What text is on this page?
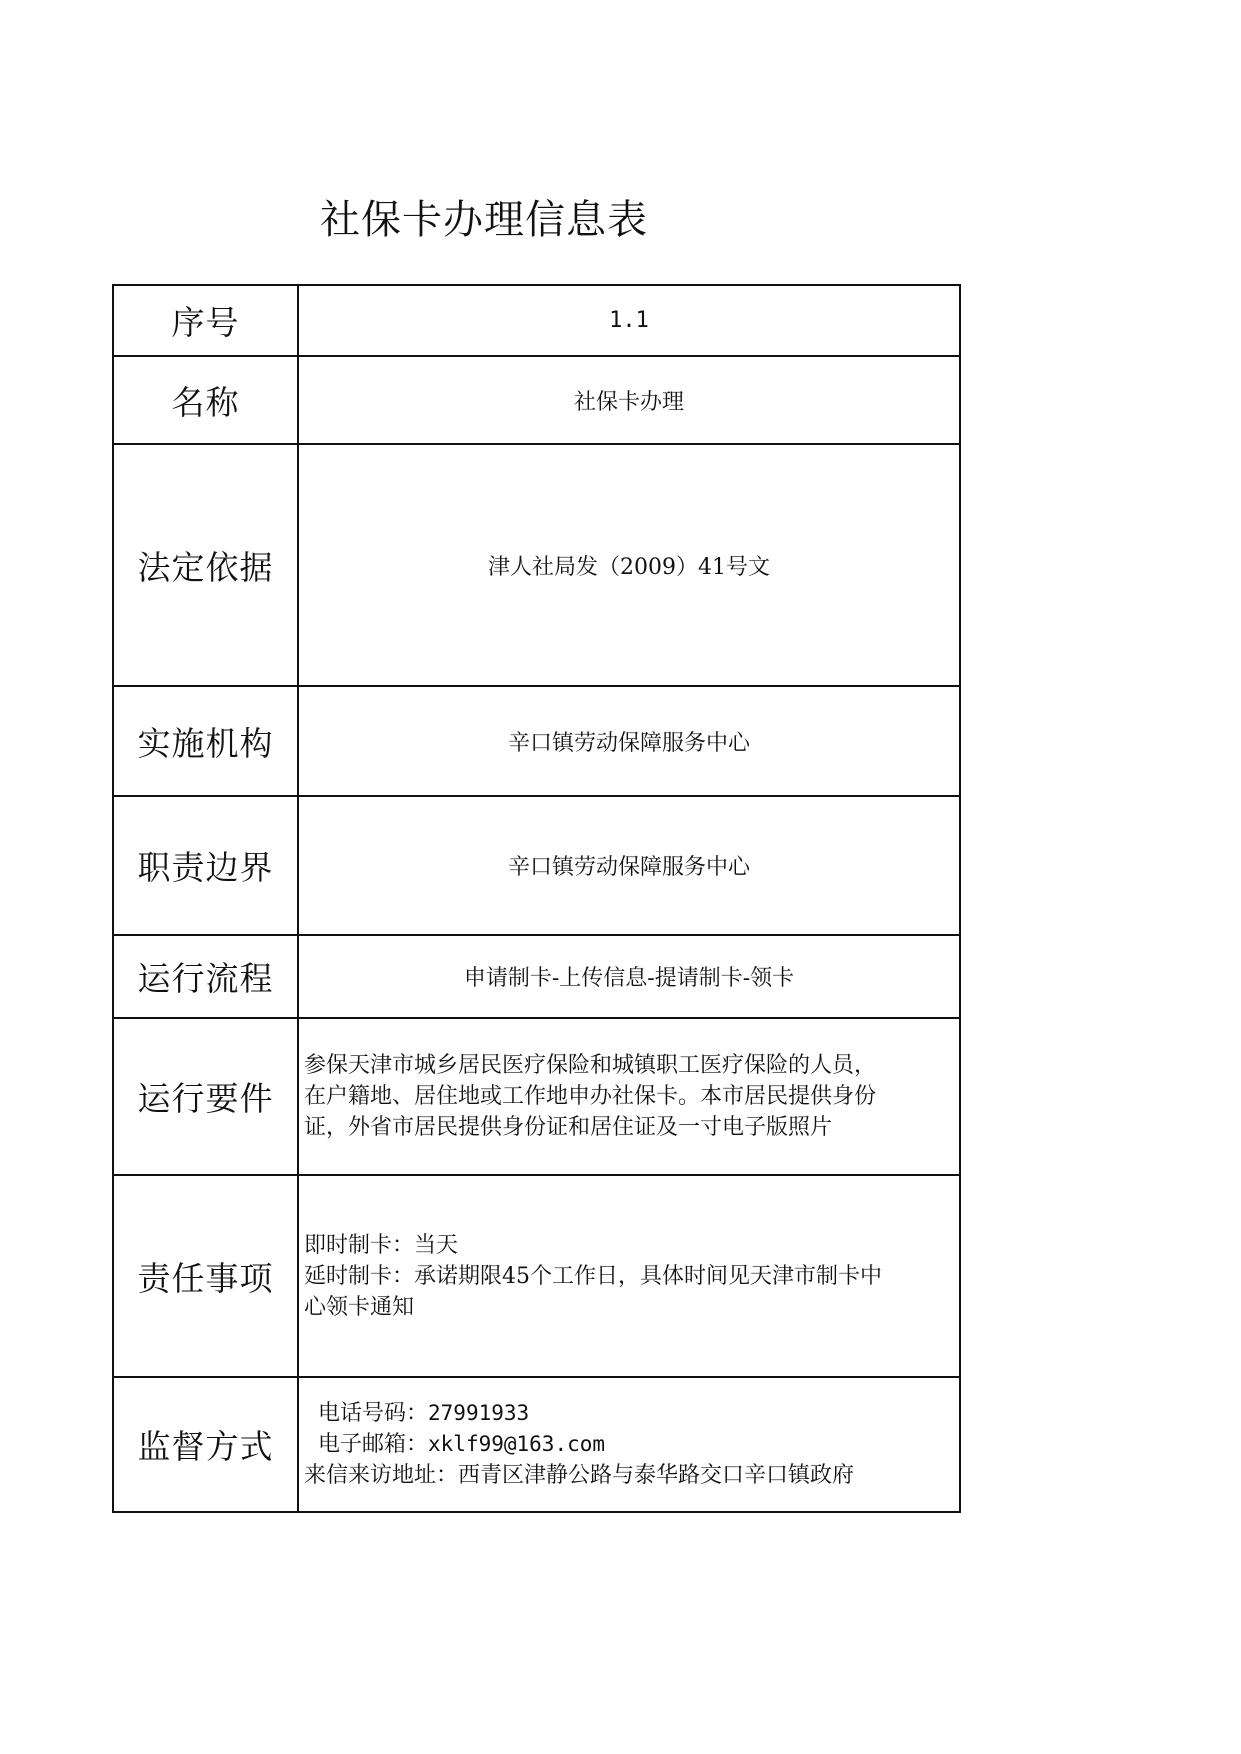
社保卡办理信息表
序号	1.1
名称	社保卡办理
法定依据	津人社局发（2009）41号文
实施机构	辛口镇劳动保障服务中心
职责边界	辛口镇劳动保障服务中心
运行流程	申请制卡-上传信息-提请制卡-领卡
运行要件	参保天津市城乡居民医疗保险和城镇职工医疗保险的人员，
在户籍地、居住地或工作地申办社保卡。本市居民提供身份
证，外省市居民提供身份证和居住证及一寸电子版照片

责任事项	即时制卡：当天
延时制卡：承诺期限45个工作日，具体时间见天津市制卡中
心领卡通知

监督方式	电话号码：27991933
电子邮箱：xklf99@163.com
来信来访地址：西青区津静公路与泰华路交口辛口镇政府
